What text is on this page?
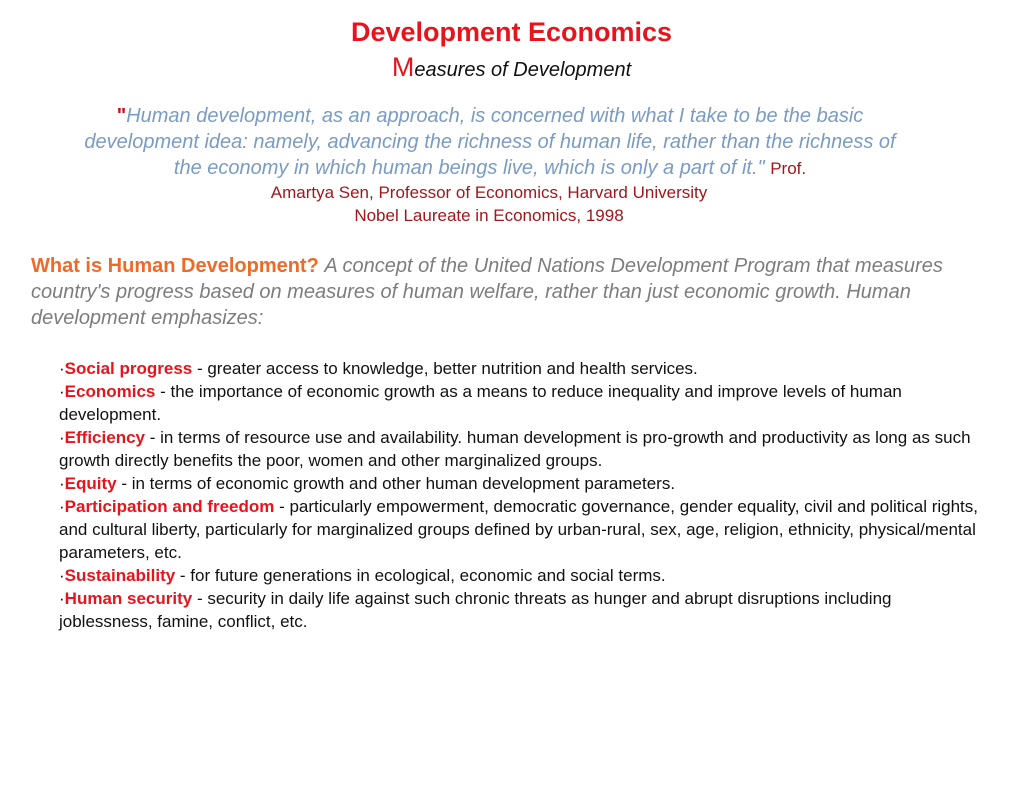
Development Economics
Measures of Development
"Human development, as an approach, is concerned with what I take to be the basic development idea: namely, advancing the richness of human life, rather than the richness of the economy in which human beings live, which is only a part of it." Prof.
Amartya Sen, Professor of Economics, Harvard University
Nobel Laureate in Economics, 1998
What is Human Development? A concept of the United Nations Development Program that measures country's progress based on measures of human welfare, rather than just economic growth. Human development emphasizes:
·Social progress - greater access to knowledge, better nutrition and health services.
·Economics - the importance of economic growth as a means to reduce inequality and improve levels of human development.
·Efficiency - in terms of resource use and availability. human development is pro-growth and productivity as long as such growth directly benefits the poor, women and other marginalized groups.
·Equity - in terms of economic growth and other human development parameters.
·Participation and freedom - particularly empowerment, democratic governance, gender equality, civil and political rights, and cultural liberty, particularly for marginalized groups defined by urban-rural, sex, age, religion, ethnicity, physical/mental parameters, etc.
·Sustainability - for future generations in ecological, economic and social terms.
·Human security - security in daily life against such chronic threats as hunger and abrupt disruptions including joblessness, famine, conflict, etc.
